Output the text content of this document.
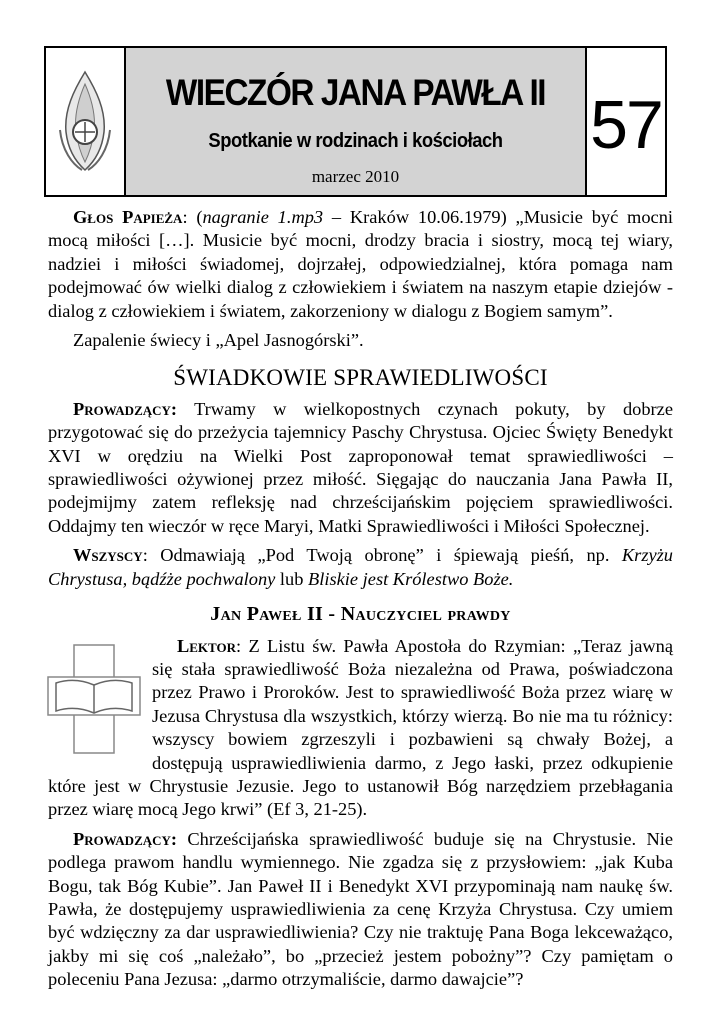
WIECZÓR JANA PAWŁA II
Spotkanie w rodzinach i kościołach
marzec 2010
57

Głos Papieża: (nagranie 1.mp3 – Kraków 10.06.1979) „Musicie być mocni mocą miłości […]. Musicie być mocni, drodzy bracia i siostry, mocą tej wiary, nadziei i miłości świadomej, dojrzałej, odpowiedzialnej, która pomaga nam podejmować ów wielki dialog z człowiekiem i światem na naszym etapie dziejów - dialog z człowiekiem i światem, zakorzeniony w dialogu z Bogiem samym”.

Zapalenie świecy i „Apel Jasnogórski”.

ŚWIADKOWIE SPRAWIEDLIWOŚCI

Prowadzący: Trwamy w wielkopostnych czynach pokuty, by dobrze przygotować się do przeżycia tajemnicy Paschy Chrystusa. Ojciec Święty Benedykt XVI w orędziu na Wielki Post zaproponował temat sprawiedliwości – sprawiedliwości ożywionej przez miłość. Sięgając do nauczania Jana Pawła II, podejmijmy zatem refleksję nad chrześcijańskim pojęciem sprawiedliwości. Oddajmy ten wieczór w ręce Maryi, Matki Sprawiedliwości i Miłości Społecznej.

Wszyscy: Odmawiają „Pod Twoją obronę” i śpiewają pieśń, np. Krzyżu Chrystusa, bądźże pochwalony lub Bliskie jest Królestwo Boże.

Jan Paweł II - Nauczyciel prawdy

Lektor: Z Listu św. Pawła Apostoła do Rzymian: „Teraz jawną się stała sprawiedliwość Boża niezależna od Prawa, poświadczona przez Prawo i Proroków. Jest to sprawiedliwość Boża przez wiarę w Jezusa Chrystusa dla wszystkich, którzy wierzą. Bo nie ma tu różnicy: wszyscy bowiem zgrzeszyli i pozbawieni są chwały Bożej, a dostępują usprawiedliwienia darmo, z Jego łaski, przez odkupienie które jest w Chrystusie Jezusie. Jego to ustanowił Bóg narzędziem przebłagania przez wiarę mocą Jego krwi” (Ef 3, 21-25).

Prowadzący: Chrześcijańska sprawiedliwość buduje się na Chrystusie. Nie podlega prawom handlu wymiennego. Nie zgadza się z przysłowiem: „jak Kuba Bogu, tak Bóg Kubie”. Jan Paweł II i Benedykt XVI przypominają nam naukę św. Pawła, że dostępujemy usprawiedliwienia za cenę Krzyża Chrystusa. Czy umiem być wdzięczny za dar usprawiedliwienia? Czy nie traktuję Pana Boga lekceważąco, jakby mi się coś „należało”, bo „przecież jestem pobożny”? Czy pamiętam o poleceniu Pana Jezusa: „darmo otrzymaliście, darmo dawajcie”?
